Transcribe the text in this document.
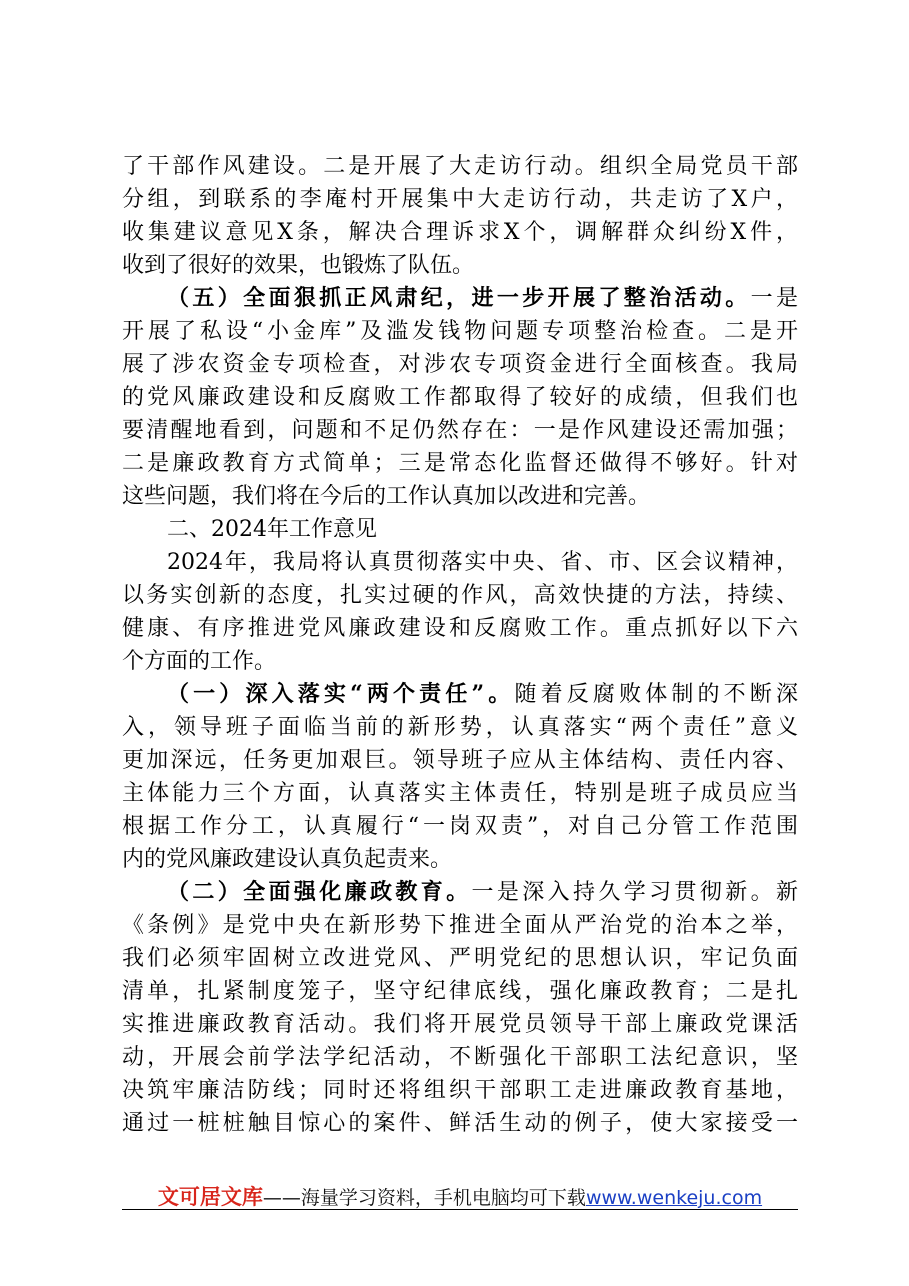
了干部作风建设。二是开展了大走访行动。组织全局党员干部
分组，到联系的李庵村开展集中大走访行动，共走访了X户，
收集建议意见X条，解决合理诉求X个，调解群众纠纷X件，
收到了很好的效果，也锻炼了队伍。
（五）全面狠抓正风肃纪，进一步开展了整治活动。一是
开展了私设“小金库”及滥发钱物问题专项整治检查。二是开
展了涉农资金专项检查，对涉农专项资金进行全面核查。我局
的党风廉政建设和反腐败工作都取得了较好的成绩，但我们也
要清醒地看到，问题和不足仍然存在：一是作风建设还需加强；
二是廉政教育方式简单；三是常态化监督还做得不够好。针对
这些问题，我们将在今后的工作认真加以改进和完善。
二、2024年工作意见
2024年，我局将认真贯彻落实中央、省、市、区会议精神，
以务实创新的态度，扎实过硬的作风，高效快捷的方法，持续、
健康、有序推进党风廉政建设和反腐败工作。重点抓好以下六
个方面的工作。
（一）深入落实“两个责任”。随着反腐败体制的不断深
入，领导班子面临当前的新形势，认真落实“两个责任”意义
更加深远，任务更加艰巨。领导班子应从主体结构、责任内容、
主体能力三个方面，认真落实主体责任，特别是班子成员应当
根据工作分工，认真履行“一岗双责”，对自己分管工作范围
内的党风廉政建设认真负起责来。
（二）全面强化廉政教育。一是深入持久学习贯彻新。新
《条例》是党中央在新形势下推进全面从严治党的治本之举，
我们必须牢固树立改进党风、严明党纪的思想认识，牢记负面
清单，扎紧制度笼子，坚守纪律底线，强化廉政教育；二是扎
实推进廉政教育活动。我们将开展党员领导干部上廉政党课活
动，开展会前学法学纪活动，不断强化干部职工法纪意识，坚
决筑牢廉洁防线；同时还将组织干部职工走进廉政教育基地，
通过一桩桩触目惊心的案件、鲜活生动的例子，使大家接受一
文可居文库——海量学习资料，手机电脑均可下载www.wenkeju.com
